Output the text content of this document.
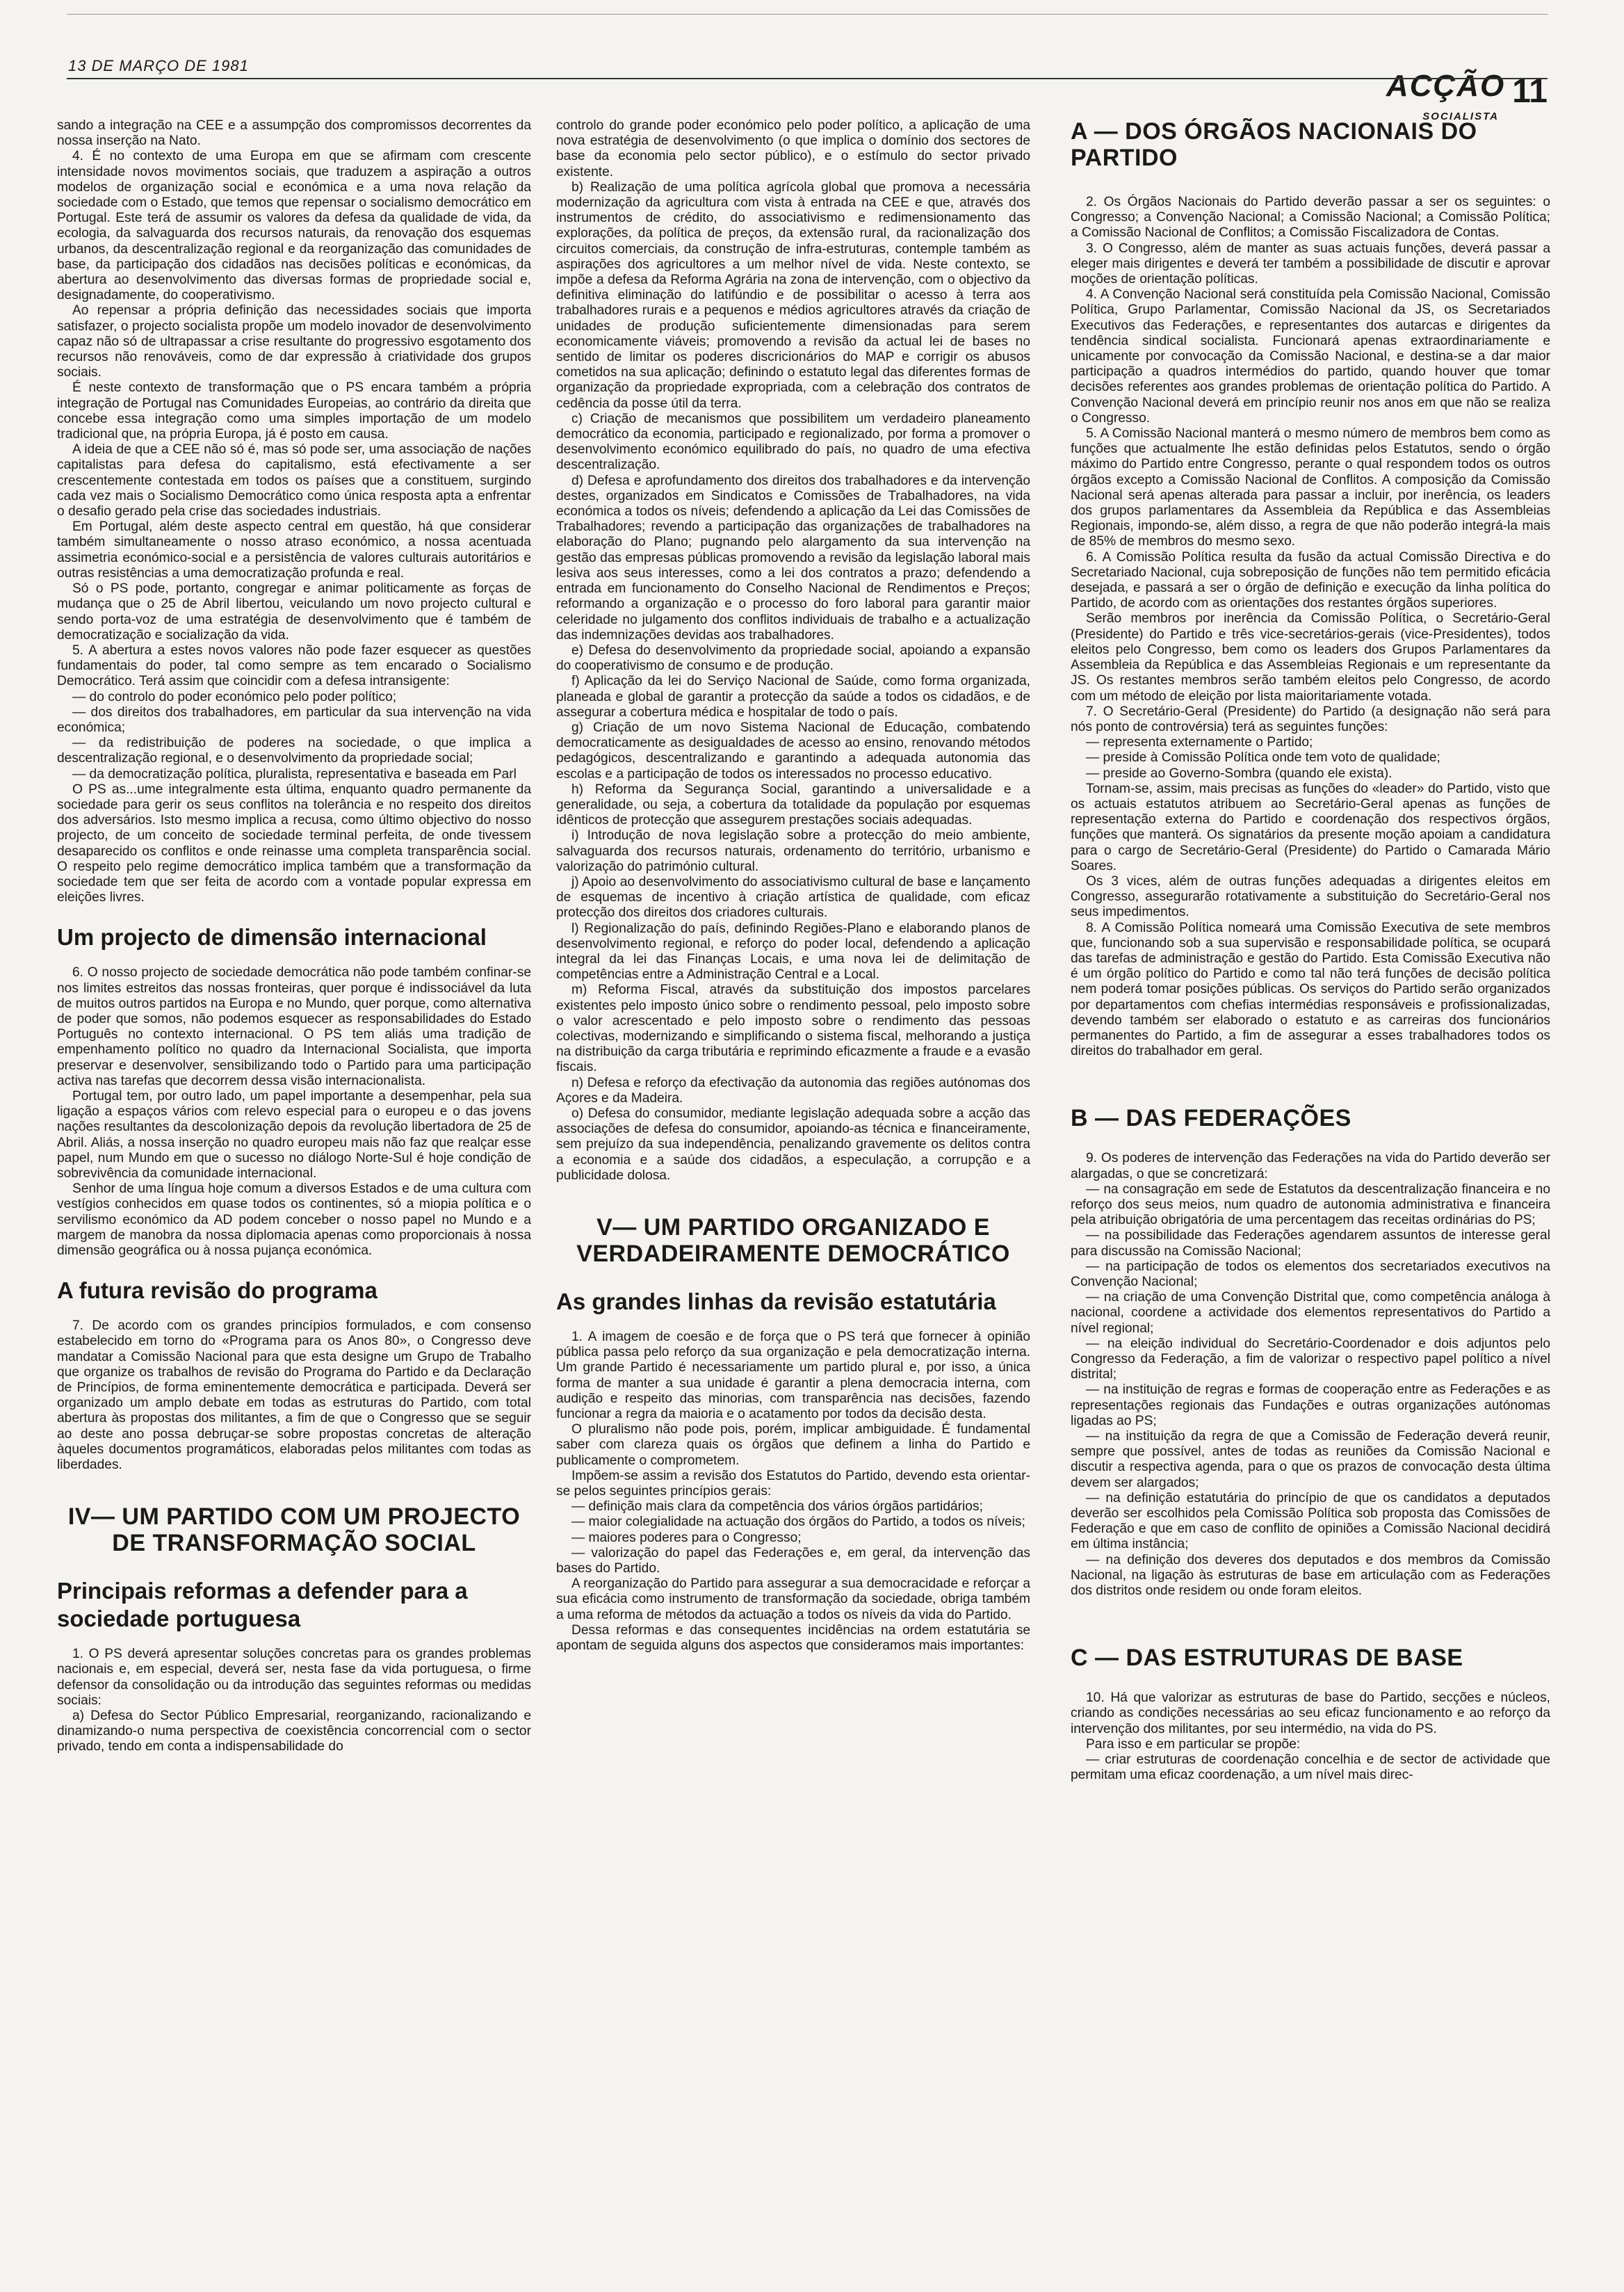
13 DE MARÇO DE 1981
ACÇÃO 11
SOCIALISTA

sando a integração na CEE e a assumpção dos compromissos decorrentes da nossa inserção na Nato.

4. É no contexto de uma Europa em que se afirmam com crescente intensidade novos movimentos sociais, que traduzem a aspiração a outros modelos de organização social e económica e a uma nova relação da sociedade com o Estado, que temos que repensar o socialismo democrático em Portugal. Este terá de assumir os valores da defesa da qualidade de vida, da ecologia, da salvaguarda dos recursos naturais, da renovação dos esquemas urbanos, da descentralização regional e da reorganização das comunidades de base, da participação dos cidadãos nas decisões políticas e económicas, da abertura ao desenvolvimento das diversas formas de propriedade social e, designadamente, do cooperativismo.

Ao repensar a própria definição das necessidades sociais que importa satisfazer, o projecto socialista propõe um modelo inovador de desenvolvimento capaz não só de ultrapassar a crise resultante do progressivo esgotamento dos recursos não renováveis, como de dar expressão à criatividade dos grupos sociais.

É neste contexto de transformação que o PS encara também a própria integração de Portugal nas Comunidades Europeias, ao contrário da direita que concebe essa integração como uma simples importação de um modelo tradicional que, na própria Europa, já é posto em causa.

A ideia de que a CEE não só é, mas só pode ser, uma associação de nações capitalistas para defesa do capitalismo, está efectivamente a ser crescentemente contestada em todos os países que a constituem, surgindo cada vez mais o Socialismo Democrático como única resposta apta a enfrentar o desafio gerado pela crise das sociedades industriais.

Em Portugal, além deste aspecto central em questão, há que considerar também simultaneamente o nosso atraso económico, a nossa acentuada assimetria económico-social e a persistência de valores culturais autoritários e outras resistências a uma democratização profunda e real.

Só o PS pode, portanto, congregar e animar politicamente as forças de mudança que o 25 de Abril libertou, veiculando um novo projecto cultural e sendo porta-voz de uma estratégia de desenvolvimento que é também de democratização e socialização da vida.

5. A abertura a estes novos valores não pode fazer esquecer as questões fundamentais do poder, tal como sempre as tem encarado o Socialismo Democrático. Terá assim que coincidir com a defesa intransigente:

— do controlo do poder económico pelo poder político;

— dos direitos dos trabalhadores, em particular da sua intervenção na vida económica;

— da redistribuição de poderes na sociedade, o que implica a descentralização regional, e o desenvolvimento da propriedade social;

— da democratização política, pluralista, representativa e baseada em Parl

O PS as...ume integralmente esta última, enquanto quadro permanente da sociedade para gerir os seus conflitos na tolerância e no respeito dos direitos dos adversários. Isto mesmo implica a recusa, como último objectivo do nosso projecto, de um conceito de sociedade terminal perfeita, de onde tivessem desaparecido os conflitos e onde reinasse uma completa transparência social. O respeito pelo regime democrático implica também que a transformação da sociedade tem que ser feita de acordo com a vontade popular expressa em eleições livres.

Um projecto de dimensão internacional

6. O nosso projecto de sociedade democrática não pode também confinar-se nos limites estreitos das nossas fronteiras, quer porque é indissociável da luta de muitos outros partidos na Europa e no Mundo, quer porque, como alternativa de poder que somos, não podemos esquecer as responsabilidades do Estado Português no contexto internacional. O PS tem aliás uma tradição de empenhamento político no quadro da Internacional Socialista, que importa preservar e desenvolver, sensibilizando todo o Partido para uma participação activa nas tarefas que decorrem dessa visão internacionalista.

Portugal tem, por outro lado, um papel importante a desempenhar, pela sua ligação a espaços vários com relevo especial para o europeu e o das jovens nações resultantes da descolonização depois da revolução libertadora de 25 de Abril. Aliás, a nossa inserção no quadro europeu mais não faz que realçar esse papel, num Mundo em que o sucesso no diálogo Norte-Sul é hoje condição de sobrevivência da comunidade internacional.

Senhor de uma língua hoje comum a diversos Estados e de uma cultura com vestígios conhecidos em quase todos os continentes, só a miopia política e o servilismo económico da AD podem conceber o nosso papel no Mundo e a margem de manobra da nossa diplomacia apenas como proporcionais à nossa dimensão geográfica ou à nossa pujança económica.

A futura revisão do programa

7. De acordo com os grandes princípios formulados, e com consenso estabelecido em torno do «Programa para os Anos 80», o Congresso deve mandatar a Comissão Nacional para que esta designe um Grupo de Trabalho que organize os trabalhos de revisão do Programa do Partido e da Declaração de Princípios, de forma eminentemente democrática e participada. Deverá ser organizado um amplo debate em todas as estruturas do Partido, com total abertura às propostas dos militantes, a fim de que o Congresso que se seguir ao deste ano possa debruçar-se sobre propostas concretas de alteração àqueles documentos programáticos, elaboradas pelos militantes com todas as liberdades.

IV— UM PARTIDO COM UM PROJECTO DE TRANSFORMAÇÃO SOCIAL
Principais reformas a defender para a sociedade portuguesa

1. O PS deverá apresentar soluções concretas para os grandes problemas nacionais e, em especial, deverá ser, nesta fase da vida portuguesa, o firme defensor da consolidação ou da introdução das seguintes reformas ou medidas sociais:

a) Defesa do Sector Público Empresarial, reorganizando, racionalizando e dinamizando-o numa perspectiva de coexistência concorrencial com o sector privado, tendo em conta a indispensabilidade do

controlo do grande poder económico pelo poder político, a aplicação de uma nova estratégia de desenvolvimento (o que implica o domínio dos sectores de base da economia pelo sector público), e o estímulo do sector privado existente.

b) Realização de uma política agrícola global que promova a necessária modernização da agricultura com vista à entrada na CEE e que, através dos instrumentos de crédito, do associativismo e redimensionamento das explorações, da política de preços, da extensão rural, da racionalização dos circuitos comerciais, da construção de infra-estruturas, contemple também as aspirações dos agricultores a um melhor nível de vida. Neste contexto, se impõe a defesa da Reforma Agrária na zona de intervenção, com o objectivo da definitiva eliminação do latifúndio e de possibilitar o acesso à terra aos trabalhadores rurais e a pequenos e médios agricultores através da criação de unidades de produção suficientemente dimensionadas para serem economicamente viáveis; promovendo a revisão da actual lei de bases no sentido de limitar os poderes discricionários do MAP e corrigir os abusos cometidos na sua aplicação; definindo o estatuto legal das diferentes formas de organização da propriedade expropriada, com a celebração dos contratos de cedência da posse útil da terra.

c) Criação de mecanismos que possibilitem um verdadeiro planeamento democrático da economia, participado e regionalizado, por forma a promover o desenvolvimento económico equilibrado do país, no quadro de uma efectiva descentralização.

d) Defesa e aprofundamento dos direitos dos trabalhadores e da intervenção destes, organizados em Sindicatos e Comissões de Trabalhadores, na vida económica a todos os níveis; defendendo a aplicação da Lei das Comissões de Trabalhadores; revendo a participação das organizações de trabalhadores na elaboração do Plano; pugnando pelo alargamento da sua intervenção na gestão das empresas públicas promovendo a revisão da legislação laboral mais lesiva aos seus interesses, como a lei dos contratos a prazo; defendendo a entrada em funcionamento do Conselho Nacional de Rendimentos e Preços; reformando a organização e o processo do foro laboral para garantir maior celeridade no julgamento dos conflitos individuais de trabalho e a actualização das indemnizações devidas aos trabalhadores.

e) Defesa do desenvolvimento da propriedade social, apoiando a expansão do cooperativismo de consumo e de produção.

f) Aplicação da lei do Serviço Nacional de Saúde, como forma organizada, planeada e global de garantir a protecção da saúde a todos os cidadãos, e de assegurar a cobertura médica e hospitalar de todo o país.

g) Criação de um novo Sistema Nacional de Educação, combatendo democraticamente as desigualdades de acesso ao ensino, renovando métodos pedagógicos, descentralizando e garantindo a adequada autonomia das escolas e a participação de todos os interessados no processo educativo.

h) Reforma da Segurança Social, garantindo a universalidade e a generalidade, ou seja, a cobertura da totalidade da população por esquemas idênticos de protecção que assegurem prestações sociais adequadas.

i) Introdução de nova legislação sobre a protecção do meio ambiente, salvaguarda dos recursos naturais, ordenamento do território, urbanismo e valorização do património cultural.

j) Apoio ao desenvolvimento do associativismo cultural de base e lançamento de esquemas de incentivo à criação artística de qualidade, com eficaz protecção dos direitos dos criadores culturais.

l) Regionalização do país, definindo Regiões-Plano e elaborando planos de desenvolvimento regional, e reforço do poder local, defendendo a aplicação integral da lei das Finanças Locais, e uma nova lei de delimitação de competências entre a Administração Central e a Local.

m) Reforma Fiscal, através da substituição dos impostos parcelares existentes pelo imposto único sobre o rendimento pessoal, pelo imposto sobre o valor acrescentado e pelo imposto sobre o rendimento das pessoas colectivas, modernizando e simplificando o sistema fiscal, melhorando a justiça na distribuição da carga tributária e reprimindo eficazmente a fraude e a evasão fiscais.

n) Defesa e reforço da efectivação da autonomia das regiões autónomas dos Açores e da Madeira.

o) Defesa do consumidor, mediante legislação adequada sobre a acção das associações de defesa do consumidor, apoiando-as técnica e financeiramente, sem prejuízo da sua independência, penalizando gravemente os delitos contra a economia e a saúde dos cidadãos, a especulação, a corrupção e a publicidade dolosa.

V— UM PARTIDO ORGANIZADO E VERDADEIRAMENTE DEMOCRÁTICO
As grandes linhas da revisão estatutária

1. A imagem de coesão e de força que o PS terá que fornecer à opinião pública passa pelo reforço da sua organização e pela democratização interna. Um grande Partido é necessariamente um partido plural e, por isso, a única forma de manter a sua unidade é garantir a plena democracia interna, com audição e respeito das minorias, com transparência nas decisões, fazendo funcionar a regra da maioria e o acatamento por todos da decisão desta.

O pluralismo não pode pois, porém, implicar ambiguidade. É fundamental saber com clareza quais os órgãos que definem a linha do Partido e publicamente o comprometem.

Impõem-se assim a revisão dos Estatutos do Partido, devendo esta orientar-se pelos seguintes princípios gerais:

— definição mais clara da competência dos vários órgãos partidários;

— maior colegialidade na actuação dos órgãos do Partido, a todos os níveis;

— maiores poderes para o Congresso;

— valorização do papel das Federações e, em geral, da intervenção das bases do Partido.

A reorganização do Partido para assegurar a sua democracidade e reforçar a sua eficácia como instrumento de transformação da sociedade, obriga também a uma reforma de métodos da actuação a todos os níveis da vida do Partido.

Dessa reformas e das consequentes incidências na ordem estatutária se apontam de seguida alguns dos aspectos que consideramos mais importantes:

A — DOS ÓRGÃOS NACIONAIS DO PARTIDO

2. Os Órgãos Nacionais do Partido deverão passar a ser os seguintes: o Congresso; a Convenção Nacional; a Comissão Nacional; a Comissão Política; a Comissão Nacional de Conflitos; a Comissão Fiscalizadora de Contas.

3. O Congresso, além de manter as suas actuais funções, deverá passar a eleger mais dirigentes e deverá ter também a possibilidade de discutir e aprovar moções de orientação políticas.

4. A Convenção Nacional será constituída pela Comissão Nacional, Comissão Política, Grupo Parlamentar, Comissão Nacional da JS, os Secretariados Executivos das Federações, e representantes dos autarcas e dirigentes da tendência sindical socialista. Funcionará apenas extraordinariamente e unicamente por convocação da Comissão Nacional, e destina-se a dar maior participação a quadros intermédios do partido, quando houver que tomar decisões referentes aos grandes problemas de orientação política do Partido. A Convenção Nacional deverá em princípio reunir nos anos em que não se realiza o Congresso.

5. A Comissão Nacional manterá o mesmo número de membros bem como as funções que actualmente lhe estão definidas pelos Estatutos, sendo o órgão máximo do Partido entre Congresso, perante o qual respondem todos os outros órgãos excepto a Comissão Nacional de Conflitos. A composição da Comissão Nacional será apenas alterada para passar a incluir, por inerência, os leaders dos grupos parlamentares da Assembleia da República e das Assembleias Regionais, impondo-se, além disso, a regra de que não poderão integrá-la mais de 85% de membros do mesmo sexo.

6. A Comissão Política resulta da fusão da actual Comissão Directiva e do Secretariado Nacional, cuja sobreposição de funções não tem permitido eficácia desejada, e passará a ser o órgão de definição e execução da linha política do Partido, de acordo com as orientações dos restantes órgãos superiores.

Serão membros por inerência da Comissão Política, o Secretário-Geral (Presidente) do Partido e três vice-secretários-gerais (vice-Presidentes), todos eleitos pelo Congresso, bem como os leaders dos Grupos Parlamentares da Assembleia da República e das Assembleias Regionais e um representante da JS. Os restantes membros serão também eleitos pelo Congresso, de acordo com um método de eleição por lista maioritariamente votada.

7. O Secretário-Geral (Presidente) do Partido (a designação não será para nós ponto de controvérsia) terá as seguintes funções:

— representa externamente o Partido;

— preside à Comissão Política onde tem voto de qualidade;

— preside ao Governo-Sombra (quando ele exista).

Tornam-se, assim, mais precisas as funções do «leader» do Partido, visto que os actuais estatutos atribuem ao Secretário-Geral apenas as funções de representação externa do Partido e coordenação dos respectivos órgãos, funções que manterá. Os signatários da presente moção apoiam a candidatura para o cargo de Secretário-Geral (Presidente) do Partido o Camarada Mário Soares.

Os 3 vices, além de outras funções adequadas a dirigentes eleitos em Congresso, assegurarão rotativamente a substituição do Secretário-Geral nos seus impedimentos.

8. A Comissão Política nomeará uma Comissão Executiva de sete membros que, funcionando sob a sua supervisão e responsabilidade política, se ocupará das tarefas de administração e gestão do Partido. Esta Comissão Executiva não é um órgão político do Partido e como tal não terá funções de decisão política nem poderá tomar posições públicas. Os serviços do Partido serão organizados por departamentos com chefias intermédias responsáveis e profissionalizadas, devendo também ser elaborado o estatuto e as carreiras dos funcionários permanentes do Partido, a fim de assegurar a esses trabalhadores todos os direitos do trabalhador em geral.

B — DAS FEDERAÇÕES

9. Os poderes de intervenção das Federações na vida do Partido deverão ser alargadas, o que se concretizará:

— na consagração em sede de Estatutos da descentralização financeira e no reforço dos seus meios, num quadro de autonomia administrativa e financeira pela atribuição obrigatória de uma percentagem das receitas ordinárias do PS;

— na possibilidade das Federações agendarem assuntos de interesse geral para discussão na Comissão Nacional;

— na participação de todos os elementos dos secretariados executivos na Convenção Nacional;

— na criação de uma Convenção Distrital que, como competência análoga à nacional, coordene a actividade dos elementos representativos do Partido a nível regional;

— na eleição individual do Secretário-Coordenador e dois adjuntos pelo Congresso da Federação, a fim de valorizar o respectivo papel político a nível distrital;

— na instituição de regras e formas de cooperação entre as Federações e as representações regionais das Fundações e outras organizações autónomas ligadas ao PS;

— na instituição da regra de que a Comissão de Federação deverá reunir, sempre que possível, antes de todas as reuniões da Comissão Nacional e discutir a respectiva agenda, para o que os prazos de convocação desta última devem ser alargados;

— na definição estatutária do princípio de que os candidatos a deputados deverão ser escolhidos pela Comissão Política sob proposta das Comissões de Federação e que em caso de conflito de opiniões a Comissão Nacional decidirá em última instância;

— na definição dos deveres dos deputados e dos membros da Comissão Nacional, na ligação às estruturas de base em articulação com as Federações dos distritos onde residem ou onde foram eleitos.

C — DAS ESTRUTURAS DE BASE

10. Há que valorizar as estruturas de base do Partido, secções e núcleos, criando as condições necessárias ao seu eficaz funcionamento e ao reforço da intervenção dos militantes, por seu intermédio, na vida do PS.

Para isso e em particular se propõe:

— criar estruturas de coordenação concelhia e de sector de actividade que permitam uma eficaz coordenação, a um nível mais direc-
